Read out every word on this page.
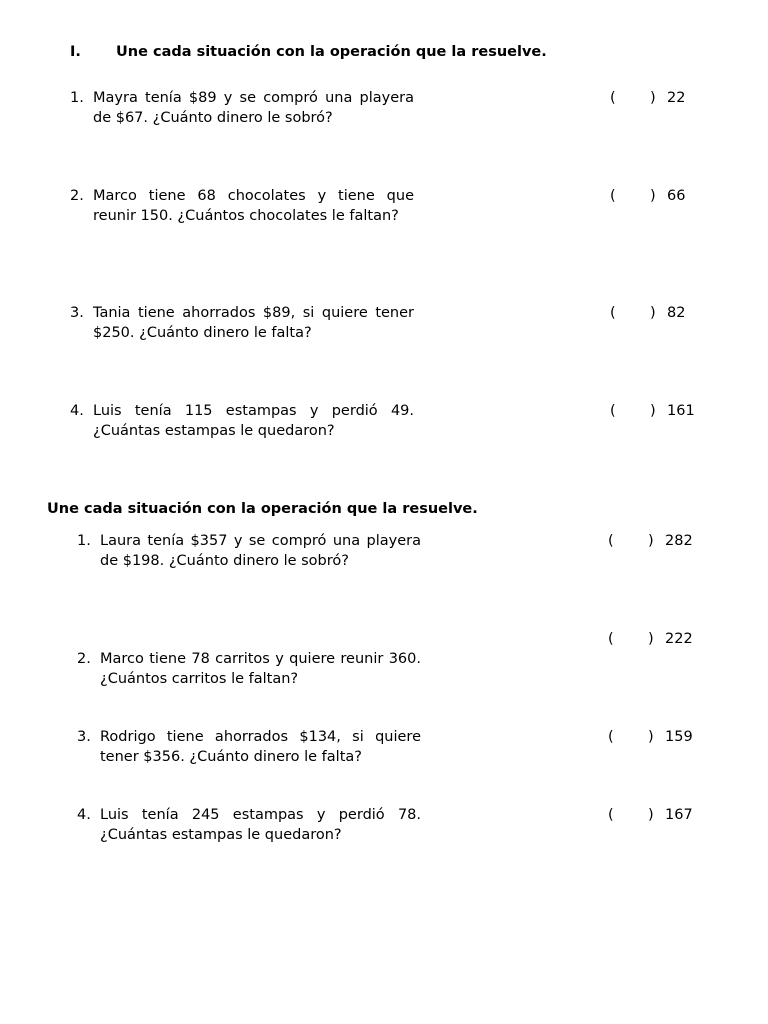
I. Une cada situación con la operación que la resuelve.
1. Mayra tenía $89 y se compró una playera de $67. ¿Cuánto dinero le sobró?
2. Marco tiene 68 chocolates y tiene que reunir 150. ¿Cuántos chocolates le faltan?
3. Tania tiene ahorrados $89, si quiere tener $250. ¿Cuánto dinero le falta?
4. Luis tenía 115 estampas y perdió 49. ¿Cuántas estampas le quedaron?
( ) 22
( ) 66
( ) 82
( ) 161
Une cada situación con la operación que la resuelve.
1. Laura tenía $357 y se compró una playera de $198. ¿Cuánto dinero le sobró?
2. Marco tiene 78 carritos y quiere reunir 360. ¿Cuántos carritos le faltan?
3. Rodrigo tiene ahorrados $134, si quiere tener $356. ¿Cuánto dinero le falta?
4. Luis tenía 245 estampas y perdió 78. ¿Cuántas estampas le quedaron?
( ) 282
( ) 222
( ) 159
( ) 167
